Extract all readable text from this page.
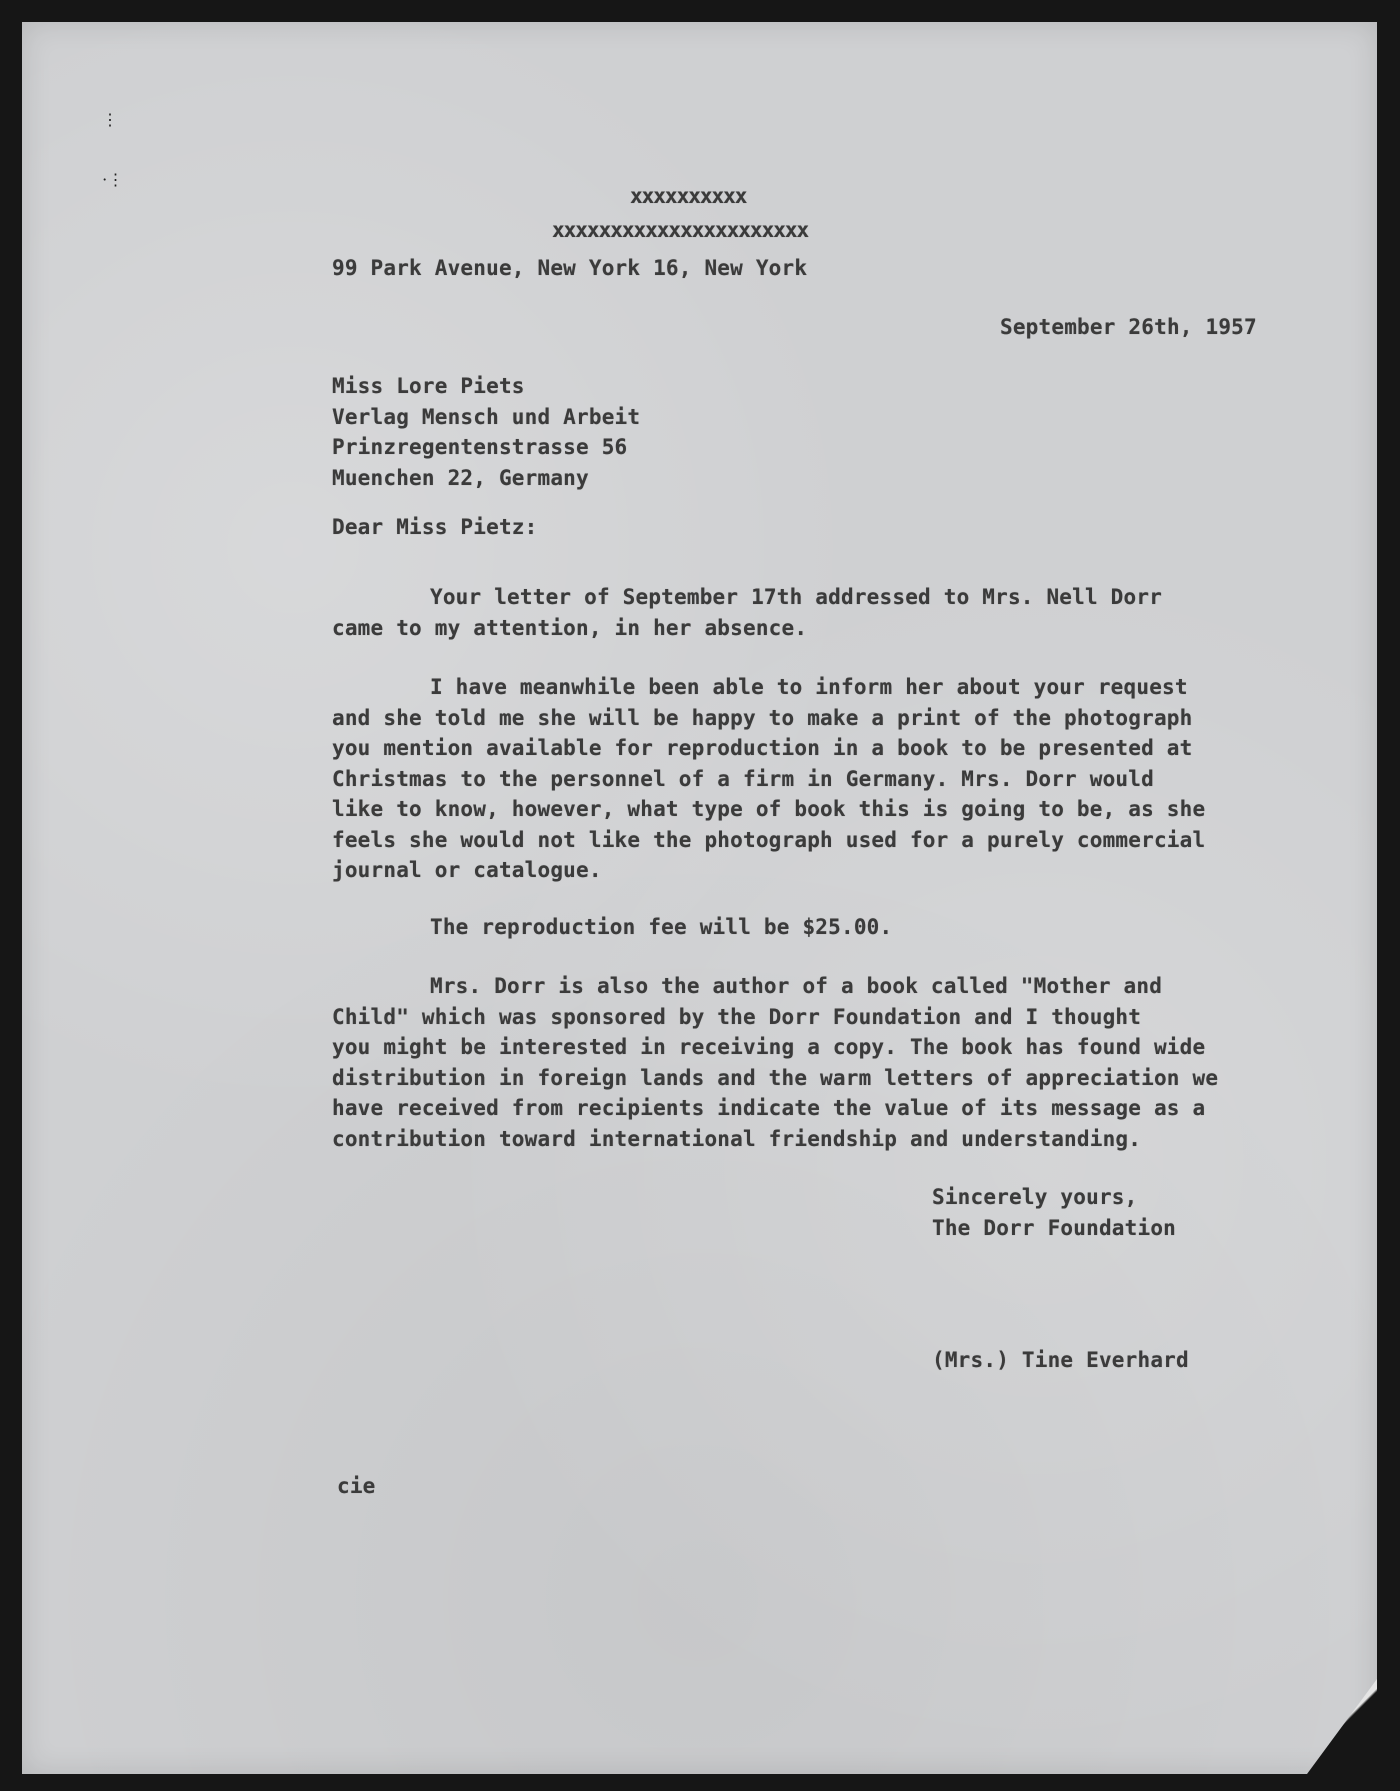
⋮

⋅⋮

xxxxxxxxxx

xxxxxxxxxxxxxxxxxxxxxx

99 Park Avenue, New York 16, New York

September 26th, 1957

Miss Lore Piets
Verlag Mensch und Arbeit
Prinzregentenstrasse 56
Muenchen 22, Germany

Dear Miss Pietz:

Your letter of September 17th addressed to Mrs. Nell Dorr
came to my attention, in her absence.
I have meanwhile been able to inform her about your request
and she told me she will be happy to make a print of the photograph
you mention available for reproduction in a book to be presented at
Christmas to the personnel of a firm in Germany. Mrs. Dorr would
like to know, however, what type of book this is going to be, as she
feels she would not like the photograph used for a purely commercial
journal or catalogue.
The reproduction fee will be $25.00.
Mrs. Dorr is also the author of a book called "Mother and
Child" which was sponsored by the Dorr Foundation and I thought
you might be interested in receiving a copy. The book has found wide
distribution in foreign lands and the warm letters of appreciation we
have received from recipients indicate the value of its message as a
contribution toward international friendship and understanding.
Sincerely yours,
The Dorr Foundation

(Mrs.) Tine Everhard

cie
